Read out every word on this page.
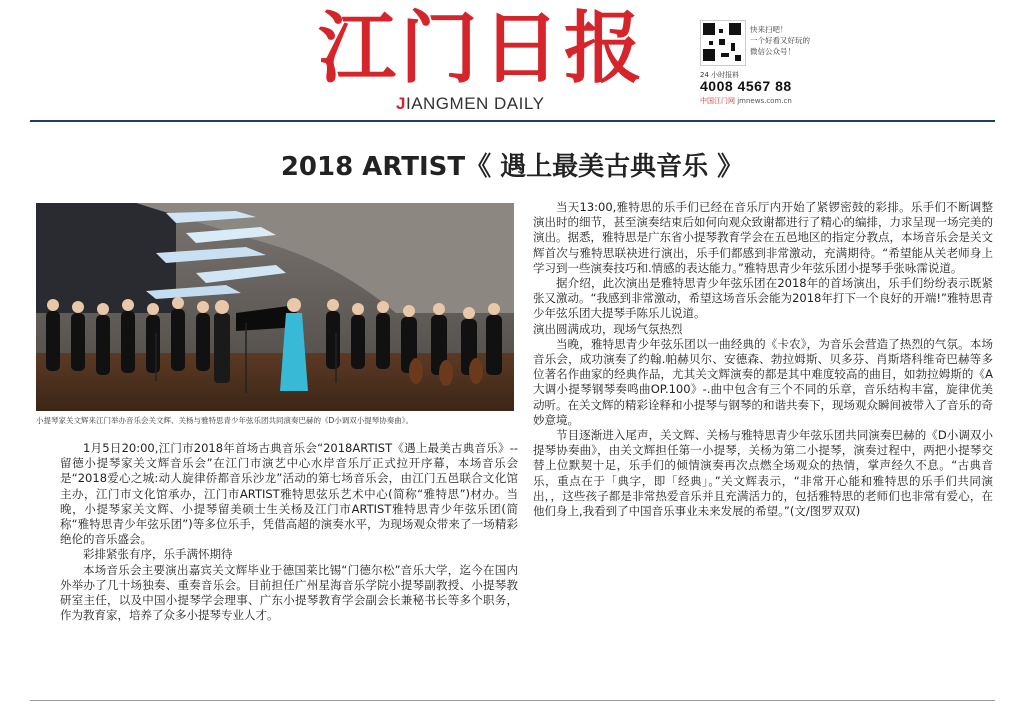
江门日报
JIANGMEN DAILY
快来扫吧！
一个好看又好玩的
微信公众号！
24 小时报料
4008 4567 88
中国江门网 jmnews.com.cn
2018 ARTIST《 遇上最美古典音乐 》
小提琴家关文辉来江门举办音乐会关文辉、关杨与雅特思青少年弦乐团共同演奏巴赫的《D小调双小提琴协奏曲》。

1月5日20:00,江门市2018年首场古典音乐会“2018ARTIST《遇上最美古典音乐》--留德小提琴家关文辉音乐会”在江门市演艺中心水岸音乐厅正式拉开序幕，本场音乐会是“2018爱心之城:动人旋律侨都音乐沙龙”活动的第七场音乐会，由江门五邑联合文化馆主办，江门市文化馆承办，江门市ARTIST雅特思弦乐艺术中心(简称“雅特思”)材办。当晚，小提琴家关文辉、小提琴留美硕士生关杨及江门市ARTIST雅特思青少年弦乐团(简称“雅特思青少年弦乐团”)等多位乐手，凭借高超的演奏水平，为现场观众带来了一场精彩绝伦的音乐盛会。

彩排紧张有序，乐手满怀期待

本场音乐会主要演出嘉宾关文辉毕业于德国莱比锡“门德尔松”音乐大学，迄今在国内外举办了几十场独奏、重奏音乐会。目前担任广州星海音乐学院小提琴副教授、小提琴教研室主任，以及中国小提琴学会理事、广东小提琴教育学会副会长兼秘书长等多个职务，作为教育家，培养了众多小提琴专业人才。

当天13:00,雅特思的乐手们已经在音乐厅内开始了紧锣密鼓的彩排。乐手们不断调整演出时的细节，甚至演奏结束后如何向观众致谢都进行了精心的编排，力求呈现一场完美的演出。据悉，雅特思是广东省小提琴教育学会在五邑地区的指定分教点，本场音乐会是关文辉首次与雅特思联袂进行演出，乐手们都感到非常激动，充满期待。“希望能从关老师身上学习到一些演奏技巧和.情感的表达能力。”雅特思青少年弦乐团小提琴手张咏霈说道。

据介绍，此次演出是雅特思青少年弦乐团在2018年的首场演出，乐手们纷纷表示既紧张又激动。“我感到非常激动，希望这场音乐会能为2018年打下一个良好的开端!”雅特思青少年弦乐团大提琴手陈乐儿说道。

演出圆满成功，现场气氛热烈

当晚，雅特思青少年弦乐团以一曲经典的《卡农》，为音乐会营造了热烈的气氛。本场音乐会，成功演奏了约翰.帕赫贝尔、安德森、勃拉姆斯、贝多芬、肖斯塔科维奇巴赫等多位著名作曲家的经典作品，尤其关文辉演奏的都是其中难度较高的曲目，如勃拉姆斯的《A大调小提琴钢琴奏鸣曲OP.100》-.曲中包含有三个不同的乐章，音乐结构丰富，旋律优美动听。在关文辉的精彩诠释和小提琴与钢琴的和谐共奏下，现场观众瞬间被带入了音乐的奇妙意境。

节目逐渐进入尾声，关文辉、关杨与雅特思青少年弦乐团共同演奏巴赫的《D小调双小提琴协奏曲》，由关文辉担任第一小提琴，关杨为第二小提琴，演奏过程中，两把小提琴交替上位默契十足，乐手们的倾情演奏再次点燃全场观众的热情，掌声经久不息。“古典音乐，重点在于「典字，即「经典」。”关文辉表示，“非常开心能和雅特思的乐手们共同演出，，这些孩子都是非常热爱音乐并且充满活力的，包括雅特思的老师们也非常有爱心，在他们身上,我看到了中国音乐事业未来发展的希望。”(文/图罗双双)
